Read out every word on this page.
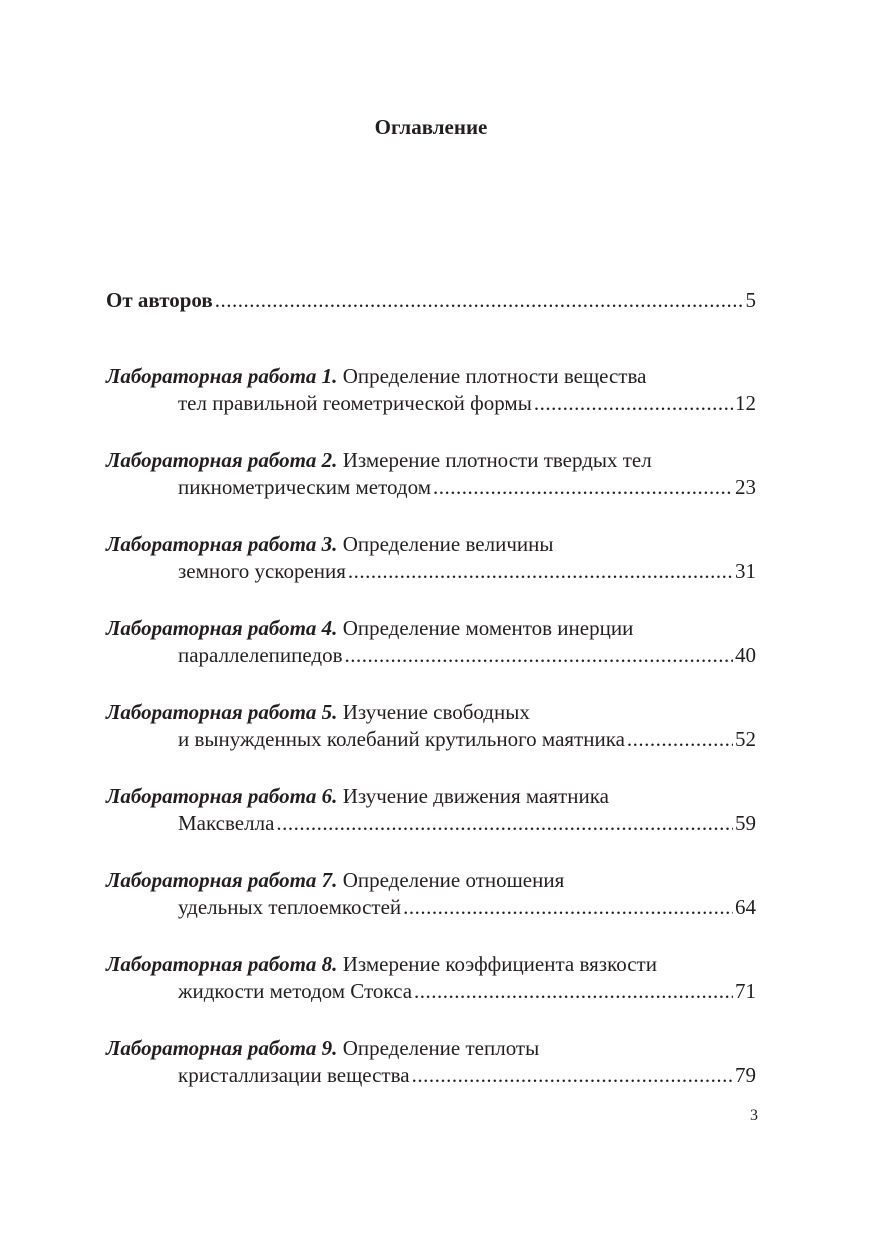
Оглавление
От авторов .....	5
Лабораторная работа 1. Определение плотности вещества
тел правильной геометрической формы .....	12
Лабораторная работа 2. Измерение плотности твердых тел
пикнометрическим методом .....	23
Лабораторная работа 3. Определение величины
земного ускорения .....	31
Лабораторная работа 4. Определение моментов инерции
параллелепипедов .....	40
Лабораторная работа 5. Изучение свободных
и вынужденных колебаний крутильного маятника .....	52
Лабораторная работа 6. Изучение движения маятника
Максвелла .....	59
Лабораторная работа 7. Определение отношения
удельных теплоемкостей .....	64
Лабораторная работа 8. Измерение коэффициента вязкости
жидкости методом Стокса .....	71
Лабораторная работа 9. Определение теплоты
кристаллизации вещества .....	79
3
